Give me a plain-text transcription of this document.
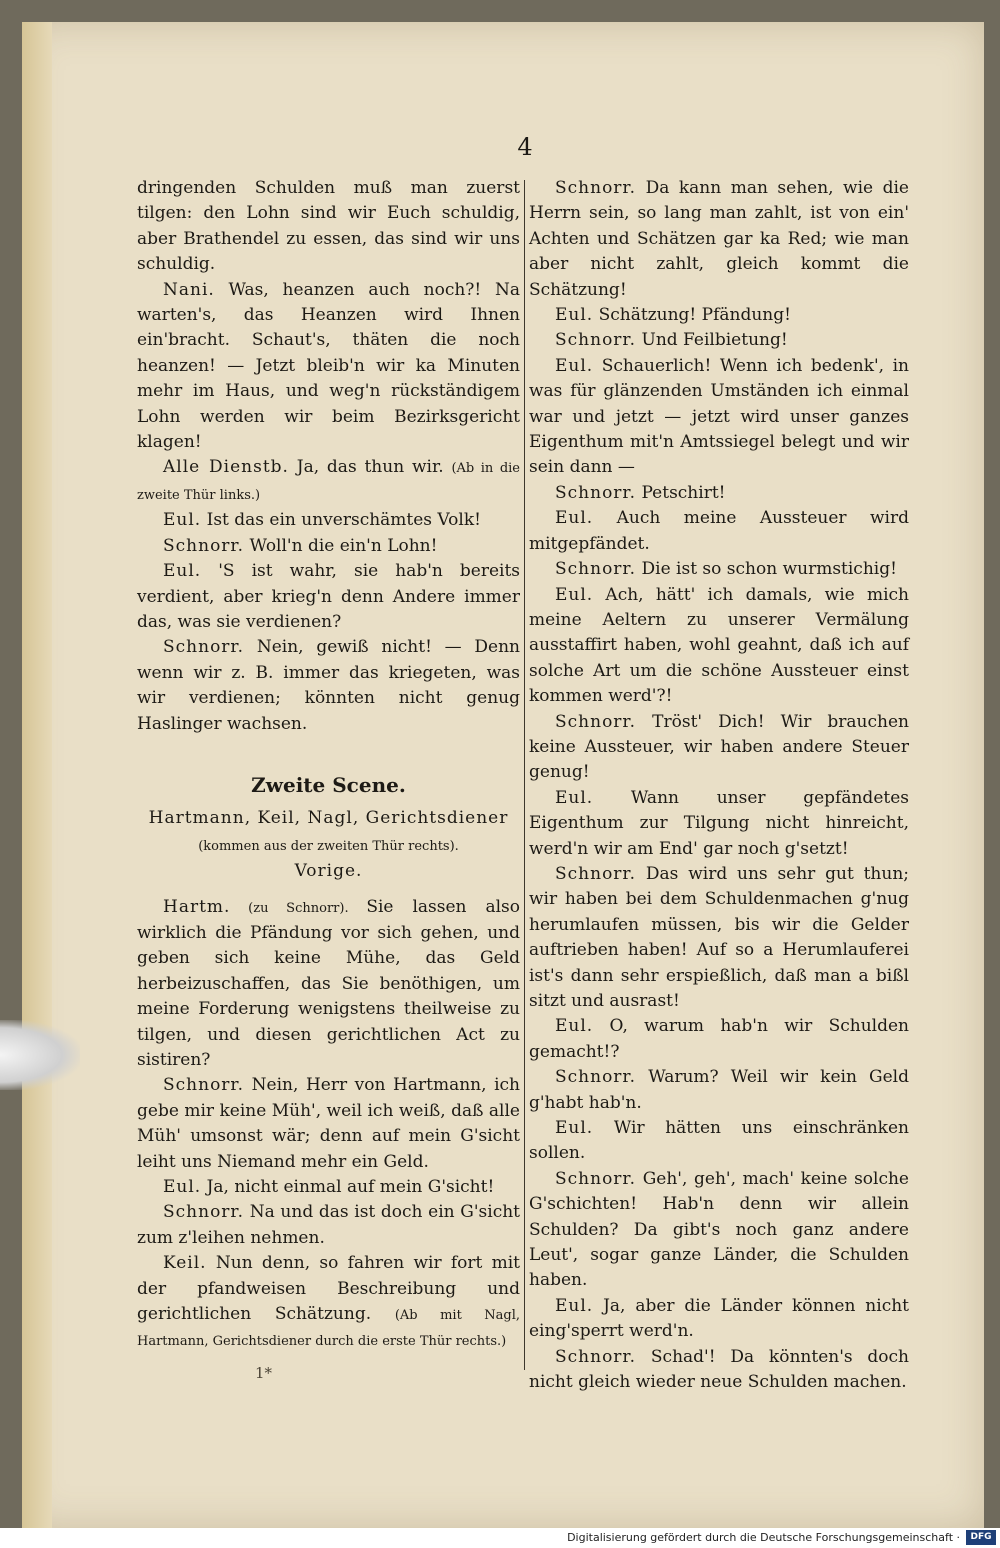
4

dringenden Schulden muß man zuerst tilgen: den Lohn sind wir Euch schuldig, aber Brathendel zu essen, das sind wir uns schuldig.

Nani. Was, heanzen auch noch?! Na warten's, das Heanzen wird Ihnen ein'bracht. Schaut's, thäten die noch heanzen! — Jetzt bleib'n wir ka Minuten mehr im Haus, und weg'n rückständigem Lohn werden wir beim Bezirksgericht klagen!

Alle Dienstb. Ja, das thun wir. (Ab in die zweite Thür links.)

Eul. Ist das ein unverschämtes Volk!

Schnorr. Woll'n die ein'n Lohn!

Eul. 'S ist wahr, sie hab'n bereits verdient, aber krieg'n denn Andere immer das, was sie verdienen?

Schnorr. Nein, gewiß nicht! — Denn wenn wir z. B. immer das kriegeten, was wir verdienen; könnten nicht genug Haslinger wachsen.

Zweite Scene.

Hartmann, Keil, Nagl, Gerichtsdiener (kommen aus der zweiten Thür rechts).

Vorige.

Hartm. (zu Schnorr). Sie lassen also wirklich die Pfändung vor sich gehen, und geben sich keine Mühe, das Geld herbeizuschaffen, das Sie benöthigen, um meine Forderung wenigstens theilweise zu tilgen, und diesen gerichtlichen Act zu sistiren?

Schnorr. Nein, Herr von Hartmann, ich gebe mir keine Müh', weil ich weiß, daß alle Müh' umsonst wär; denn auf mein G'sicht leiht uns Niemand mehr ein Geld.

Eul. Ja, nicht einmal auf mein G'sicht!

Schnorr. Na und das ist doch ein G'sicht zum z'leihen nehmen.

Keil. Nun denn, so fahren wir fort mit der pfandweisen Beschreibung und gerichtlichen Schätzung. (Ab mit Nagl, Hartmann, Gerichtsdiener durch die erste Thür rechts.)

Schnorr. Da kann man sehen, wie die Herrn sein, so lang man zahlt, ist von ein' Achten und Schätzen gar ka Red; wie man aber nicht zahlt, gleich kommt die Schätzung!

Eul. Schätzung! Pfändung!

Schnorr. Und Feilbietung!

Eul. Schauerlich! Wenn ich bedenk', in was für glänzenden Umständen ich einmal war und jetzt — jetzt wird unser ganzes Eigenthum mit'n Amtssiegel belegt und wir sein dann —

Schnorr. Petschirt!

Eul. Auch meine Aussteuer wird mitgepfändet.

Schnorr. Die ist so schon wurmstichig!

Eul. Ach, hätt' ich damals, wie mich meine Aeltern zu unserer Vermälung ausstaffirt haben, wohl geahnt, daß ich auf solche Art um die schöne Aussteuer einst kommen werd'?!

Schnorr. Tröst' Dich! Wir brauchen keine Aussteuer, wir haben andere Steuer genug!

Eul. Wann unser gepfändetes Eigenthum zur Tilgung nicht hinreicht, werd'n wir am End' gar noch g'setzt!

Schnorr. Das wird uns sehr gut thun; wir haben bei dem Schuldenmachen g'nug herumlaufen müssen, bis wir die Gelder auftrieben haben! Auf so a Herumlauferei ist's dann sehr erspießlich, daß man a bißl sitzt und ausrast!

Eul. O, warum hab'n wir Schulden gemacht!?

Schnorr. Warum? Weil wir kein Geld g'habt hab'n.

Eul. Wir hätten uns einschränken sollen.

Schnorr. Geh', geh', mach' keine solche G'schichten! Hab'n denn wir allein Schulden? Da gibt's noch ganz andere Leut', sogar ganze Länder, die Schulden haben.

Eul. Ja, aber die Länder können nicht eing'sperrt werd'n.

Schnorr. Schad'! Da könnten's doch nicht gleich wieder neue Schulden machen.

1*
Digitalisierung gefördert durch die Deutsche Forschungsgemeinschaft ·	DFG
